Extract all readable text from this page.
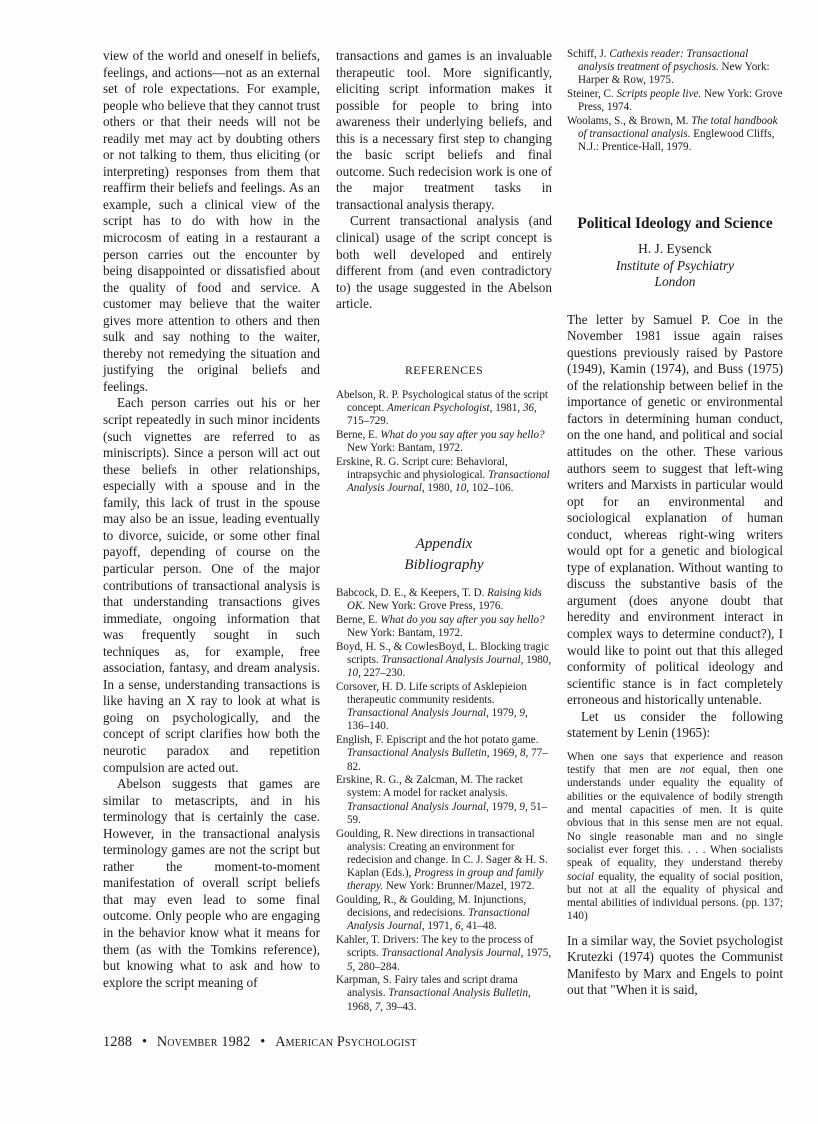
view of the world and oneself in beliefs, feelings, and actions—not as an external set of role expectations. For example, people who believe that they cannot trust others or that their needs will not be readily met may act by doubting others or not talking to them, thus eliciting (or interpreting) responses from them that reaffirm their beliefs and feelings. As an example, such a clinical view of the script has to do with how in the microcosm of eating in a restaurant a person carries out the encounter by being disappointed or dissatisfied about the quality of food and service. A customer may believe that the waiter gives more attention to others and then sulk and say nothing to the waiter, thereby not remedying the situation and justifying the original beliefs and feelings.

Each person carries out his or her script repeatedly in such minor incidents (such vignettes are referred to as miniscripts). Since a person will act out these beliefs in other relationships, especially with a spouse and in the family, this lack of trust in the spouse may also be an issue, leading eventually to divorce, suicide, or some other final payoff, depending of course on the particular person. One of the major contributions of transactional analysis is that understanding transactions gives immediate, ongoing information that was frequently sought in such techniques as, for example, free association, fantasy, and dream analysis. In a sense, understanding transactions is like having an X ray to look at what is going on psychologically, and the concept of script clarifies how both the neurotic paradox and repetition compulsion are acted out.

Abelson suggests that games are similar to metascripts, and in his terminology that is certainly the case. However, in the transactional analysis terminology games are not the script but rather the moment-to-moment manifestation of overall script beliefs that may even lead to some final outcome. Only people who are engaging in the behavior know what it means for them (as with the Tomkins reference), but knowing what to ask and how to explore the script meaning of

transactions and games is an invaluable therapeutic tool. More significantly, eliciting script information makes it possible for people to bring into awareness their underlying beliefs, and this is a necessary first step to changing the basic script beliefs and final outcome. Such redecision work is one of the major treatment tasks in transactional analysis therapy.

Current transactional analysis (and clinical) usage of the script concept is both well developed and entirely different from (and even contradictory to) the usage suggested in the Abelson article.

REFERENCES

Abelson, R. P. Psychological status of the script concept. American Psychologist, 1981, 36, 715–729.

Berne, E. What do you say after you say hello? New York: Bantam, 1972.

Erskine, R. G. Script cure: Behavioral, intrapsychic and physiological. Transactional Analysis Journal, 1980, 10, 102–106.

Appendix

Bibliography

Babcock, D. E., & Keepers, T. D. Raising kids OK. New York: Grove Press, 1976.

Berne, E. What do you say after you say hello? New York: Bantam, 1972.

Boyd, H. S., & CowlesBoyd, L. Blocking tragic scripts. Transactional Analysis Journal, 1980, 10, 227–230.

Corsover, H. D. Life scripts of Asklepieion therapeutic community residents. Transactional Analysis Journal, 1979, 9, 136–140.

English, F. Episcript and the hot potato game. Transactional Analysis Bulletin, 1969, 8, 77–82.

Erskine, R. G., & Zalcman, M. The racket system: A model for racket analysis. Transactional Analysis Journal, 1979, 9, 51–59.

Goulding, R. New directions in transactional analysis: Creating an environment for redecision and change. In C. J. Sager & H. S. Kaplan (Eds.), Progress in group and family therapy. New York: Brunner/Mazel, 1972.

Goulding, R., & Goulding, M. Injunctions, decisions, and redecisions. Transactional Analysis Journal, 1971, 6, 41–48.

Kahler, T. Drivers: The key to the process of scripts. Transactional Analysis Journal, 1975, 5, 280–284.

Karpman, S. Fairy tales and script drama analysis. Transactional Analysis Bulletin, 1968, 7, 39–43.

Schiff, J. Cathexis reader: Transactional analysis treatment of psychosis. New York: Harper & Row, 1975.

Steiner, C. Scripts people live. New York: Grove Press, 1974.

Woolams, S., & Brown, M. The total handbook of transactional analysis. Englewood Cliffs, N.J.: Prentice-Hall, 1979.

Political Ideology and Science

H. J. Eysenck

Institute of Psychiatry

London

The letter by Samuel P. Coe in the November 1981 issue again raises questions previously raised by Pastore (1949), Kamin (1974), and Buss (1975) of the relationship between belief in the importance of genetic or environmental factors in determining human conduct, on the one hand, and political and social attitudes on the other. These various authors seem to suggest that left-wing writers and Marxists in particular would opt for an environmental and sociological explanation of human conduct, whereas right-wing writers would opt for a genetic and biological type of explanation. Without wanting to discuss the substantive basis of the argument (does anyone doubt that heredity and environment interact in complex ways to determine conduct?), I would like to point out that this alleged conformity of political ideology and scientific stance is in fact completely erroneous and historically untenable.

Let us consider the following statement by Lenin (1965):

When one says that experience and reason testify that men are not equal, then one understands under equality the equality of abilities or the equivalence of bodily strength and mental capacities of men. It is quite obvious that in this sense men are not equal. No single reasonable man and no single socialist ever forget this. . . . When socialists speak of equality, they understand thereby social equality, the equality of social position, but not at all the equality of physical and mental abilities of individual persons. (pp. 137; 140)

In a similar way, the Soviet psychologist Krutezki (1974) quotes the Communist Manifesto by Marx and Engels to point out that "When it is said,

1288 • November 1982 • American Psychologist
